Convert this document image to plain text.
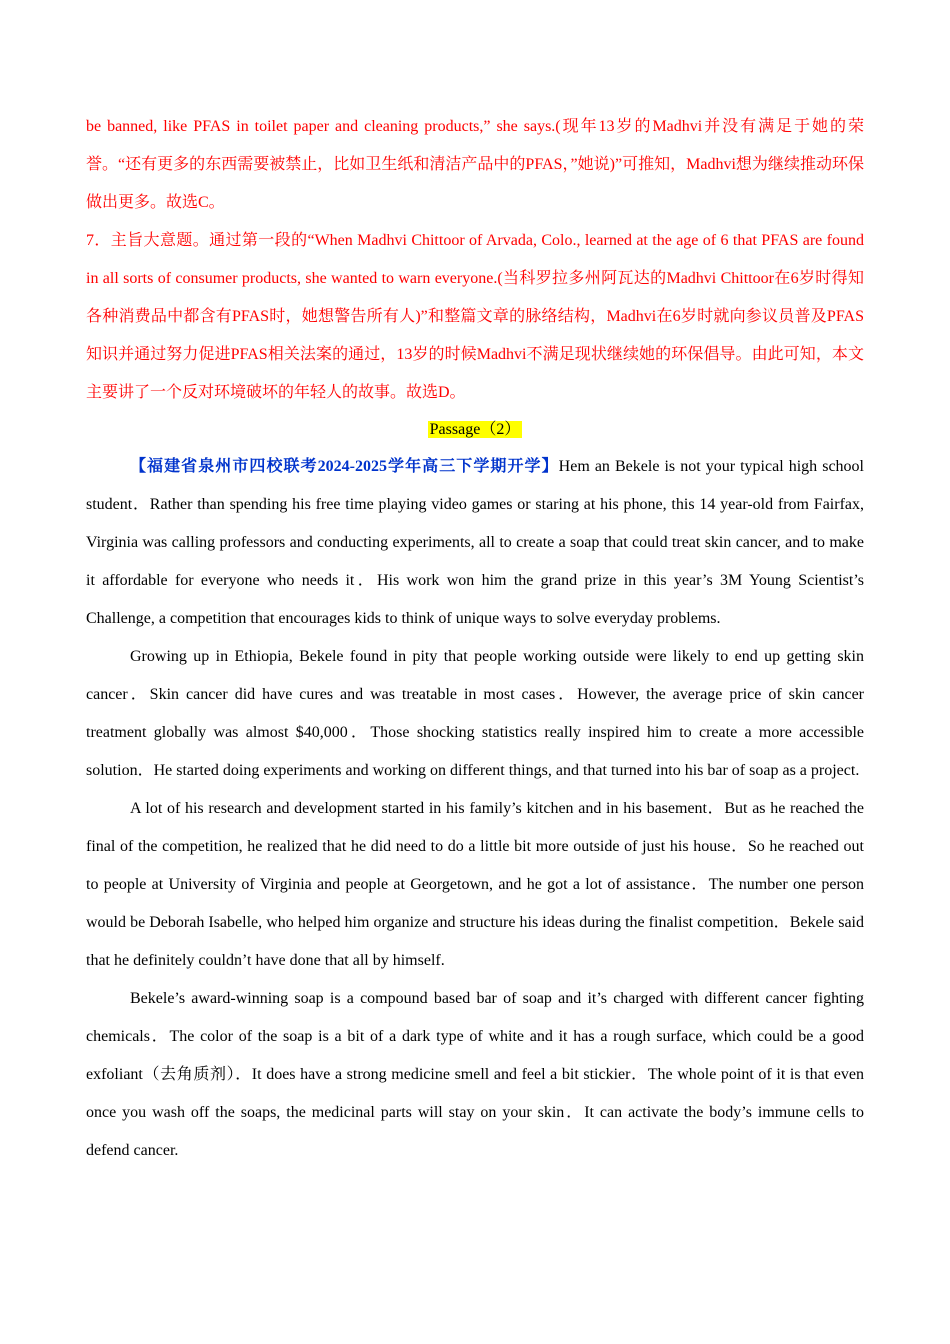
be banned, like PFAS in toilet paper and cleaning products,” she says.(现年13岁的Madhvi并没有满足于她的荣誉。“还有更多的东西需要被禁止，比如卫生纸和清洁产品中的PFAS，”她说)”可推知，Madhvi想为继续推动环保做出更多。故选C。

7．主旨大意题。通过第一段的“When Madhvi Chittoor of Arvada, Colo., learned at the age of 6 that PFAS are found in all sorts of consumer products, she wanted to warn everyone.(当科罗拉多州阿瓦达的Madhvi Chittoor在6岁时得知各种消费品中都含有PFAS时，她想警告所有人)”和整篇文章的脉络结构，Madhvi在6岁时就向参议员普及PFAS知识并通过努力促进PFAS相关法案的通过，13岁的时候Madhvi不满足现状继续她的环保倡导。由此可知，本文主要讲了一个反对环境破坏的年轻人的故事。故选D。

Passage（2）

【福建省泉州市四校联考2024-2025学年高三下学期开学】Hem an Bekele is not your typical high school student．Rather than spending his free time playing video games or staring at his phone, this 14 year-old from Fairfax, Virginia was calling professors and conducting experiments, all to create a soap that could treat skin cancer, and to make it affordable for everyone who needs it．His work won him the grand prize in this year’s 3M Young Scientist’s Challenge, a competition that encourages kids to think of unique ways to solve everyday problems.

Growing up in Ethiopia, Bekele found in pity that people working outside were likely to end up getting skin cancer．Skin cancer did have cures and was treatable in most cases．However, the average price of skin cancer treatment globally was almost $40,000．Those shocking statistics really inspired him to create a more accessible solution．He started doing experiments and working on different things, and that turned into his bar of soap as a project.

A lot of his research and development started in his family’s kitchen and in his basement．But as he reached the final of the competition, he realized that he did need to do a little bit more outside of just his house．So he reached out to people at University of Virginia and people at Georgetown, and he got a lot of assistance．The number one person would be Deborah Isabelle, who helped him organize and structure his ideas during the finalist competition．Bekele said that he definitely couldn’t have done that all by himself.

Bekele’s award-winning soap is a compound based bar of soap and it’s charged with different cancer fighting chemicals．The color of the soap is a bit of a dark type of white and it has a rough surface, which could be a good exfoliant（去角质剂）．It does have a strong medicine smell and feel a bit stickier．The whole point of it is that even once you wash off the soaps, the medicinal parts will stay on your skin．It can activate the body’s immune cells to defend cancer.
